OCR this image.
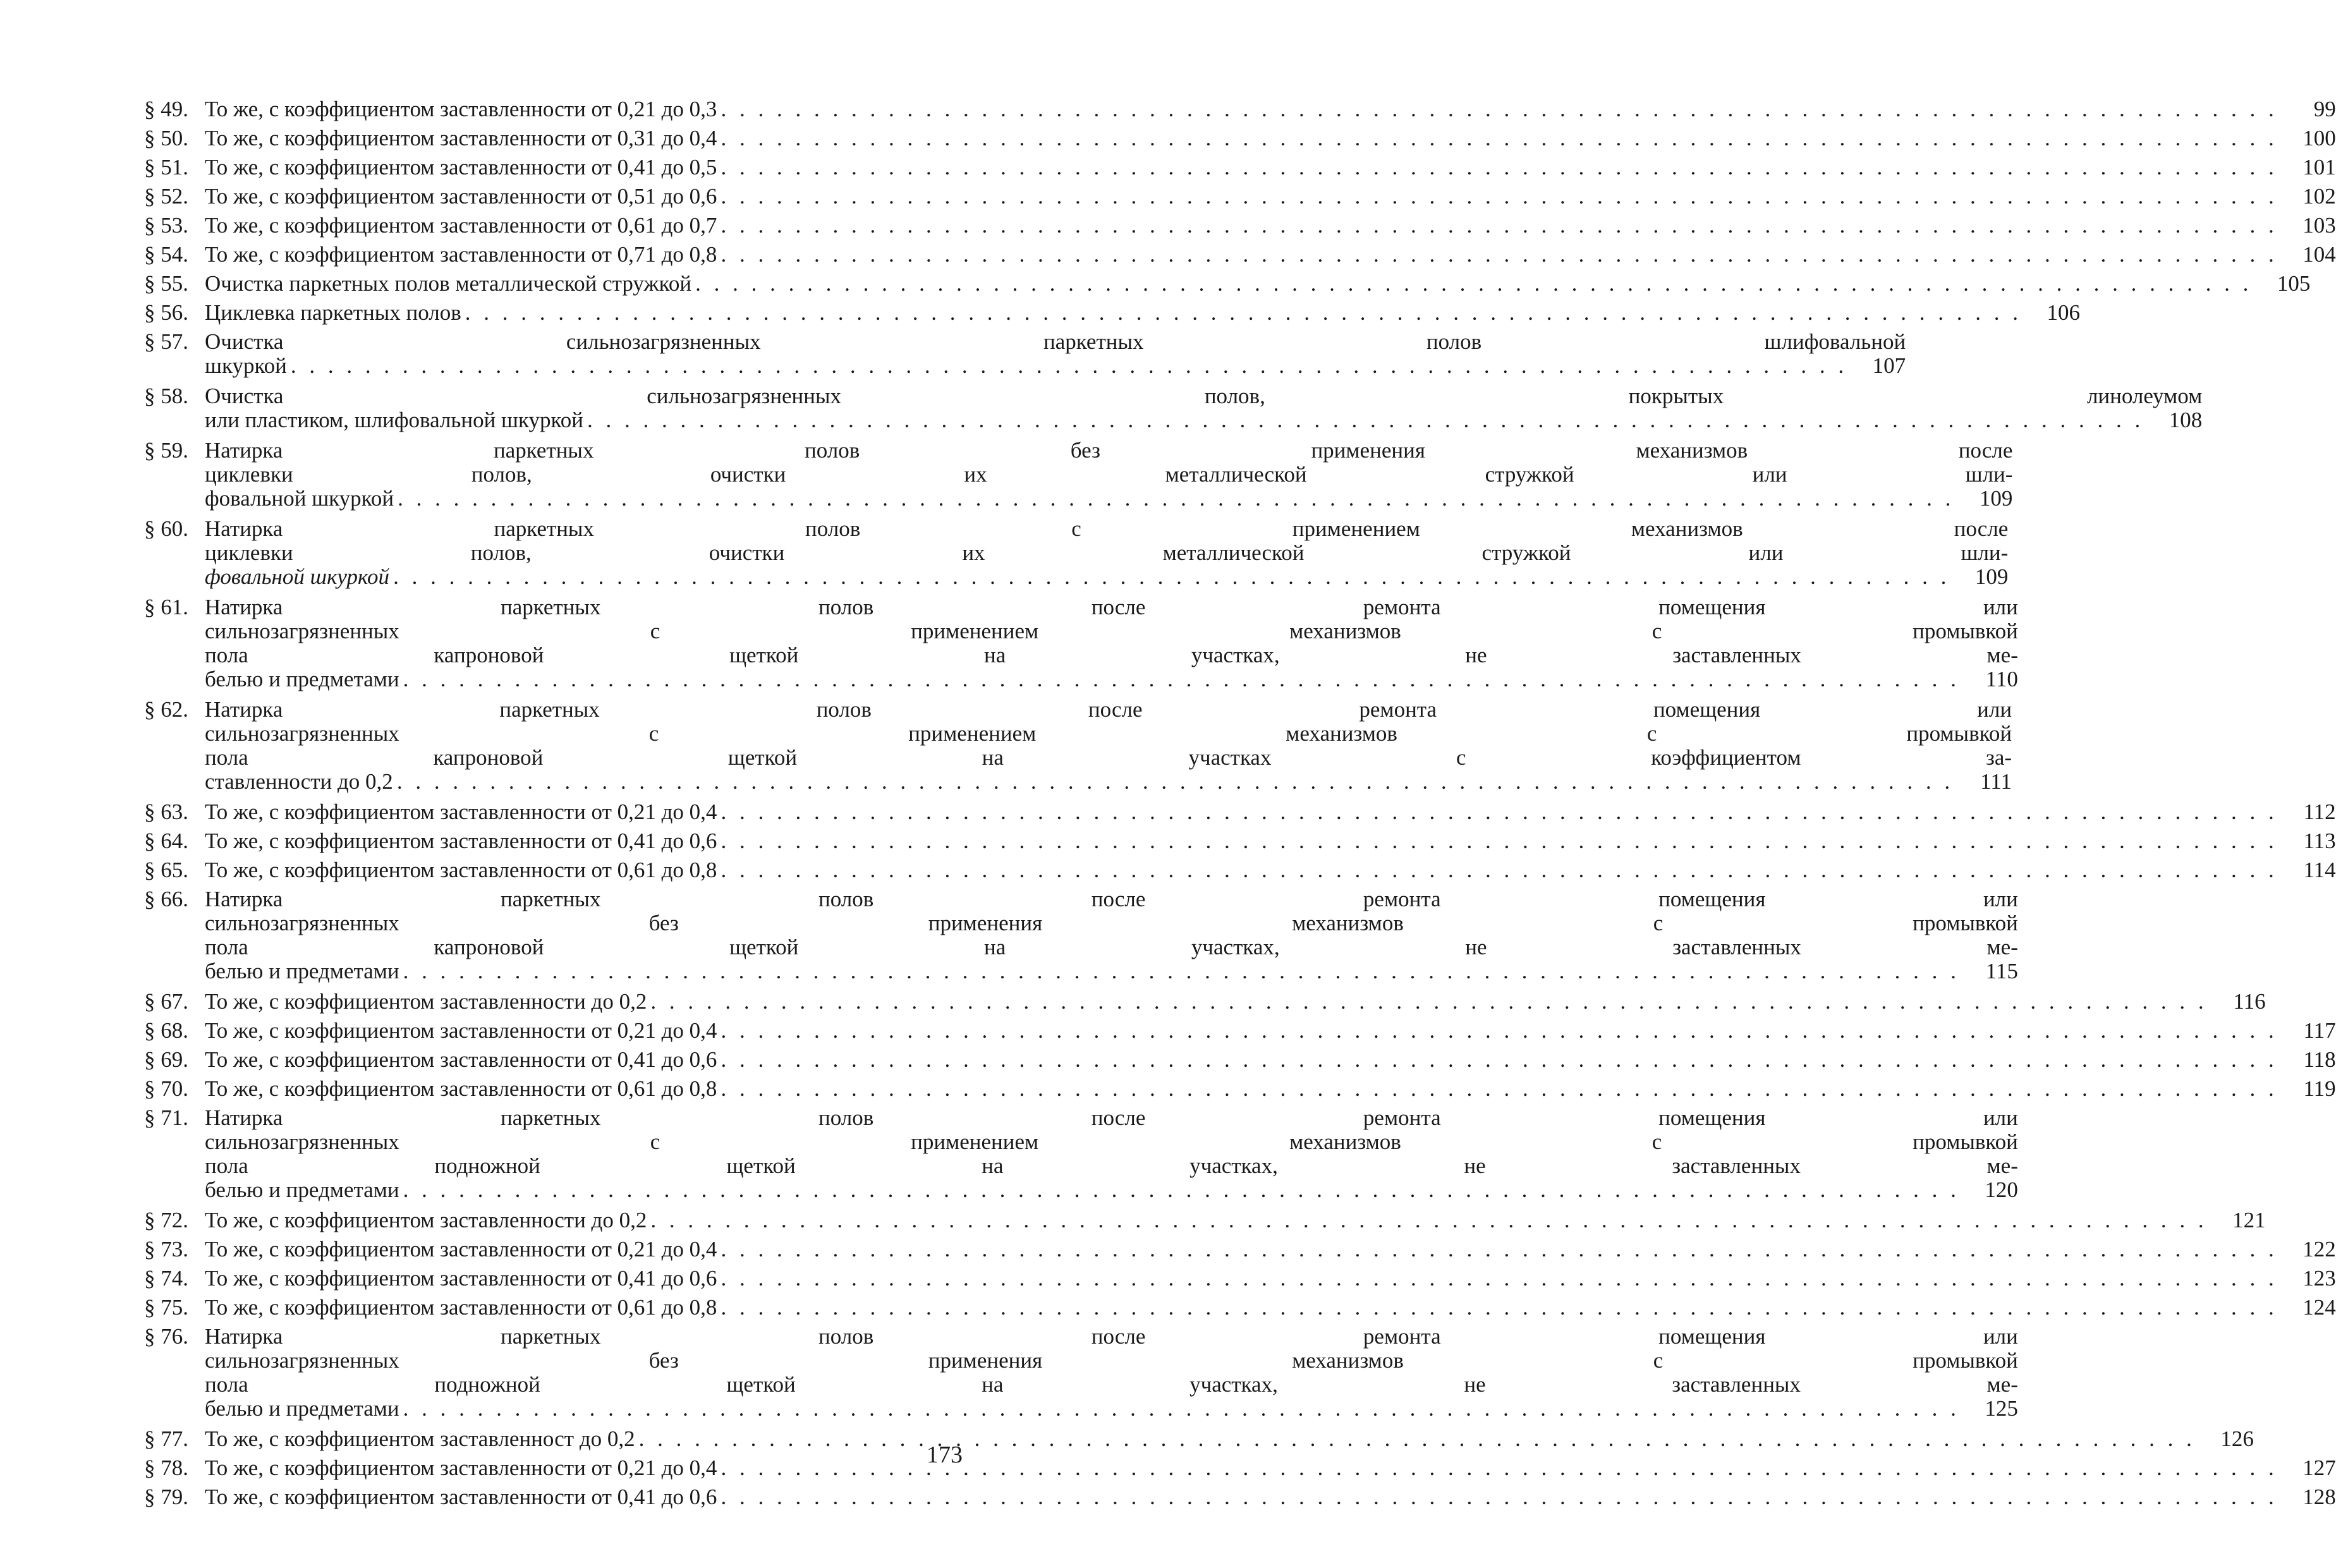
§ 49. То же, с коэффициентом заставленности от 0,21 до 0,3 . . .	99
§ 50. То же, с коэффициентом заставленности от 0,31 до 0,4 . . .	100
§ 51. То же, с коэффициентом заставленности от 0,41 до 0,5 . . .	101
§ 52. То же, с коэффициентом заставленности от 0,51 до 0,6 . . .	102
§ 53. То же, с коэффициентом заставленности от 0,61 до 0,7 . . .	103
§ 54. То же, с коэффициентом заставленности от 0,71 до 0,8 . . .	104
§ 55. Очистка паркетных полов металлической стружкой . . .	105
§ 56. Циклевка паркетных полов . . .	106
§ 57. Очистка сильнозагрязненных паркетных полов шлифовальной
шкуркой . . .	107
§ 58. Очистка сильнозагрязненных полов, покрытых линолеумом
или пластиком, шлифовальной шкуркой . . .	108
§ 59. Натирка паркетных полов без применения механизмов после
циклевки полов, очистки их металлической стружкой или шли-
фовальной шкуркой . . .	109
§ 60. Натирка паркетных полов с применением механизмов после
циклевки полов, очистки их металлической стружкой или шли-
фовальной шкуркой . . .	109
§ 61. Натирка паркетных полов после ремонта помещения или
сильнозагрязненных с применением механизмов с промывкой
пола капроновой щеткой на участках, не заставленных ме-
белью и предметами . . .	110
§ 62. Натирка паркетных полов после ремонта помещения или
сильнозагрязненных с применением механизмов с промывкой
пола капроновой щеткой на участках с коэффициентом за-
ставленности до 0,2 . . .	111
§ 63. То же, с коэффициентом заставленности от 0,21 до 0,4 . . .	112
§ 64. То же, с коэффициентом заставленности от 0,41 до 0,6 . . .	113
§ 65. То же, с коэффициентом заставленности от 0,61 до 0,8 . . .	114
§ 66. Натирка паркетных полов после ремонта помещения или
сильнозагрязненных без применения механизмов с промывкой
пола капроновой щеткой на участках, не заставленных ме-
белью и предметами . . .	115
§ 67. То же, с коэффициентом заставленности до 0,2 . . .	116
§ 68. То же, с коэффициентом заставленности от 0,21 до 0,4 . . .	117
§ 69. То же, с коэффициентом заставленности от 0,41 до 0,6 . . .	118
§ 70. То же, с коэффициентом заставленности от 0,61 до 0,8 . . .	119
§ 71. Натирка паркетных полов после ремонта помещения или
сильнозагрязненных с применением механизмов с промывкой
пола подножной щеткой на участках, не заставленных ме-
белью и предметами . . .	120
§ 72. То же, с коэффициентом заставленности до 0,2 . . .	121
§ 73. То же, с коэффициентом заставленности от 0,21 до 0,4 . . .	122
§ 74. То же, с коэффициентом заставленности от 0,41 до 0,6 . . .	123
§ 75. То же, с коэффициентом заставленности от 0,61 до 0,8 . . .	124
§ 76. Натирка паркетных полов после ремонта помещения или
сильнозагрязненных без применения механизмов с промывкой
пола подножной щеткой на участках, не заставленных ме-
белью и предметами . . .	125
§ 77. То же, с коэффициентом заставленност до 0,2 . . .	126
§ 78. То же, с коэффициентом заставленности от 0,21 до 0,4 . . .	127
§ 79. То же, с коэффициентом заставленности от 0,41 до 0,6 . . .	128
173
